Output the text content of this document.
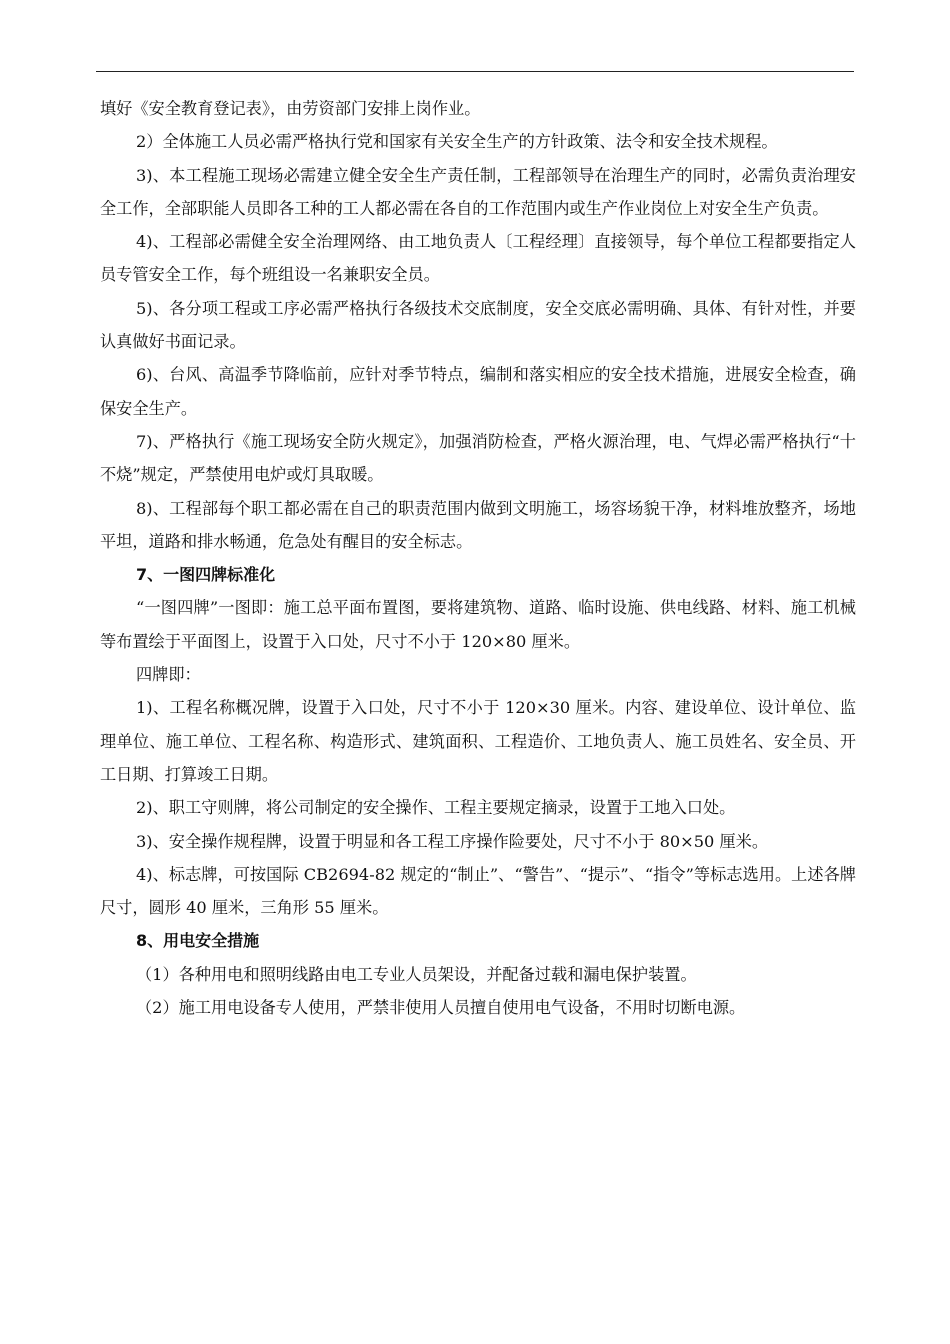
填好《安全教育登记表》，由劳资部门安排上岗作业。

2）全体施工人员必需严格执行党和国家有关安全生产的方针政策、法令和安全技术规程。

3)、本工程施工现场必需建立健全安全生产责任制，工程部领导在治理生产的同时，必需负责治理安全工作，全部职能人员即各工种的工人都必需在各自的工作范围内或生产作业岗位上对安全生产负责。

4)、工程部必需健全安全治理网络、由工地负责人〔工程经理〕直接领导，每个单位工程都要指定人员专管安全工作，每个班组设一名兼职安全员。

5)、各分项工程或工序必需严格执行各级技术交底制度，安全交底必需明确、具体、有针对性，并要认真做好书面记录。

6)、台风、高温季节降临前，应针对季节特点，编制和落实相应的安全技术措施，进展安全检查，确保安全生产。

7)、严格执行《施工现场安全防火规定》，加强消防检查，严格火源治理，电、气焊必需严格执行“十不烧”规定，严禁使用电炉或灯具取暖。

8)、工程部每个职工都必需在自己的职责范围内做到文明施工，场容场貌干净，材料堆放整齐，场地平坦，道路和排水畅通，危急处有醒目的安全标志。

7、一图四牌标准化

“一图四牌”一图即：施工总平面布置图，要将建筑物、道路、临时设施、供电线路、材料、施工机械等布置绘于平面图上，设置于入口处，尺寸不小于 120×80 厘米。

四牌即：

1)、工程名称概况牌，设置于入口处，尺寸不小于 120×30 厘米。内容、建设单位、设计单位、监理单位、施工单位、工程名称、构造形式、建筑面积、工程造价、工地负责人、施工员姓名、安全员、开工日期、打算竣工日期。

2)、职工守则牌，将公司制定的安全操作、工程主要规定摘录，设置于工地入口处。

3)、安全操作规程牌，设置于明显和各工程工序操作险要处，尺寸不小于 80×50 厘米。

4)、标志牌，可按国际 CB2694-82 规定的“制止”、“警告”、“提示”、“指令”等标志选用。上述各牌尺寸，圆形 40 厘米，三角形 55 厘米。

8、用电安全措施

（1）各种用电和照明线路由电工专业人员架设，并配备过载和漏电保护装置。

（2）施工用电设备专人使用，严禁非使用人员擅自使用电气设备，不用时切断电源。
